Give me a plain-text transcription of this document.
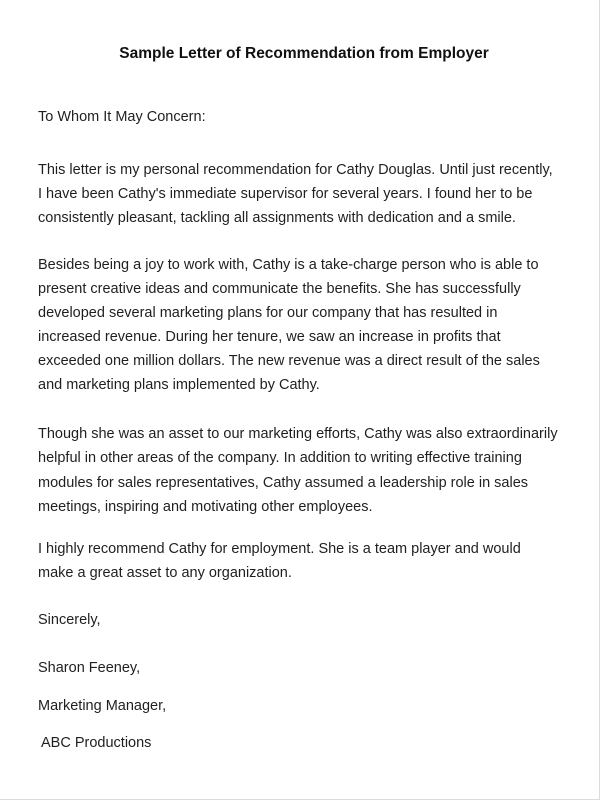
Sample Letter of Recommendation from Employer
To Whom It May Concern:
This letter is my personal recommendation for Cathy Douglas. Until just recently, I have been Cathy's immediate supervisor for several years. I found her to be consistently pleasant, tackling all assignments with dedication and a smile.
Besides being a joy to work with, Cathy is a take-charge person who is able to present creative ideas and communicate the benefits. She has successfully developed several marketing plans for our company that has resulted in increased revenue. During her tenure, we saw an increase in profits that exceeded one million dollars. The new revenue was a direct result of the sales and marketing plans implemented by Cathy.
Though she was an asset to our marketing efforts, Cathy was also extraordinarily helpful in other areas of the company. In addition to writing effective training modules for sales representatives, Cathy assumed a leadership role in sales meetings, inspiring and motivating other employees.
I highly recommend Cathy for employment. She is a team player and would make a great asset to any organization.
Sincerely,
Sharon Feeney,
Marketing Manager,
ABC Productions
